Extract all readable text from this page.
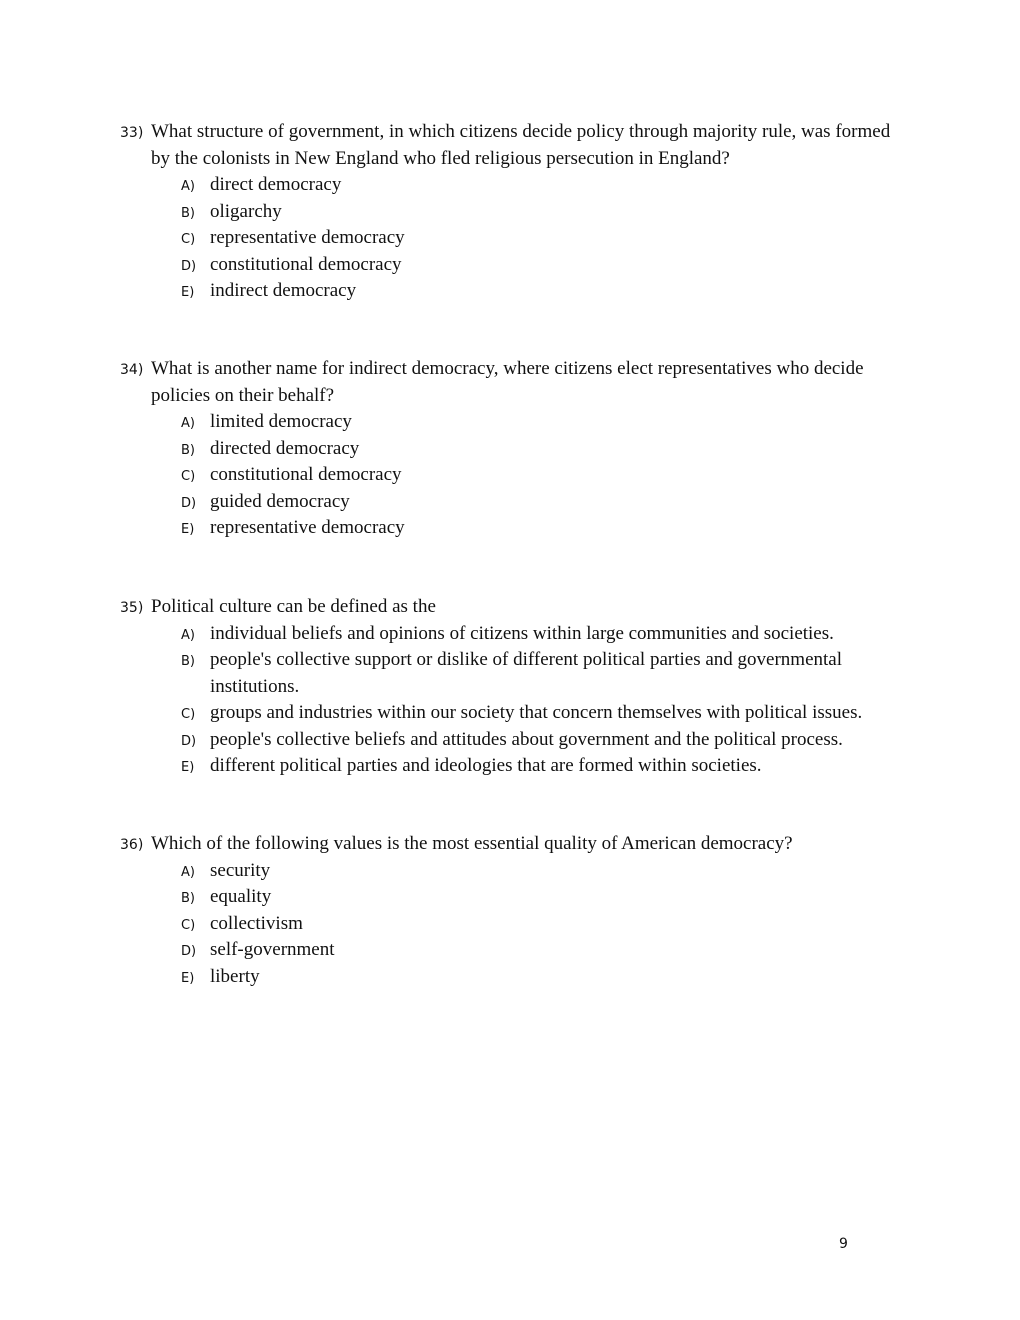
33) What structure of government, in which citizens decide policy through majority rule, was formed by the colonists in New England who fled religious persecution in England?
A) direct democracy
B) oligarchy
C) representative democracy
D) constitutional democracy
E) indirect democracy
34) What is another name for indirect democracy, where citizens elect representatives who decide policies on their behalf?
A) limited democracy
B) directed democracy
C) constitutional democracy
D) guided democracy
E) representative democracy
35) Political culture can be defined as the
A) individual beliefs and opinions of citizens within large communities and societies.
B) people's collective support or dislike of different political parties and governmental institutions.
C) groups and industries within our society that concern themselves with political issues.
D) people's collective beliefs and attitudes about government and the political process.
E) different political parties and ideologies that are formed within societies.
36) Which of the following values is the most essential quality of American democracy?
A) security
B) equality
C) collectivism
D) self-government
E) liberty
9
